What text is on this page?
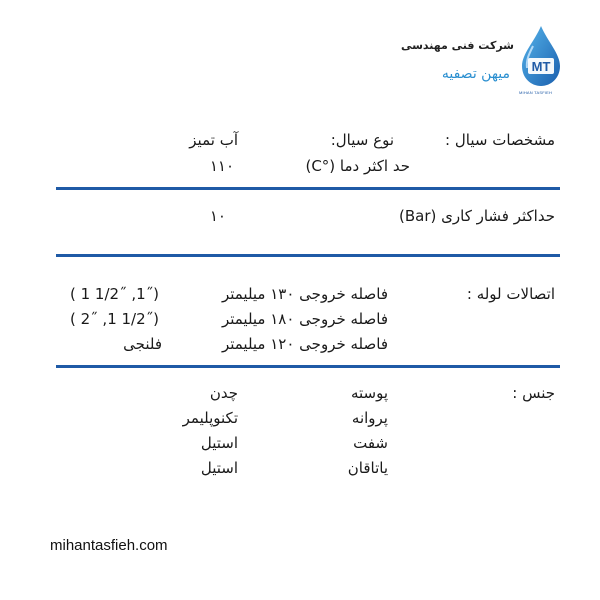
شرکت فنی مهندسی
میهن تصفیه MT
MIHAN TASFIEH
مشخصات سیال :
نوع سیال:
آب تمیز
حد اکثر دما (°C)
۱۱۰
حداکثر فشار کاری (Bar)
۱۰
اتصالات لوله :
فاصله خروجی ۱۳۰ میلیمتر
( 1 1/2˝ ,1˝)
فاصله خروجی ۱۸۰ میلیمتر
( 2˝ ,1 1/2˝)
فاصله خروجی ۱۲۰ میلیمتر
فلنجی
جنس :
پوسته
چدن
پروانه
تکنوپلیمر
شفت
استیل
یاتاقان
استیل
mihantasfieh.com
